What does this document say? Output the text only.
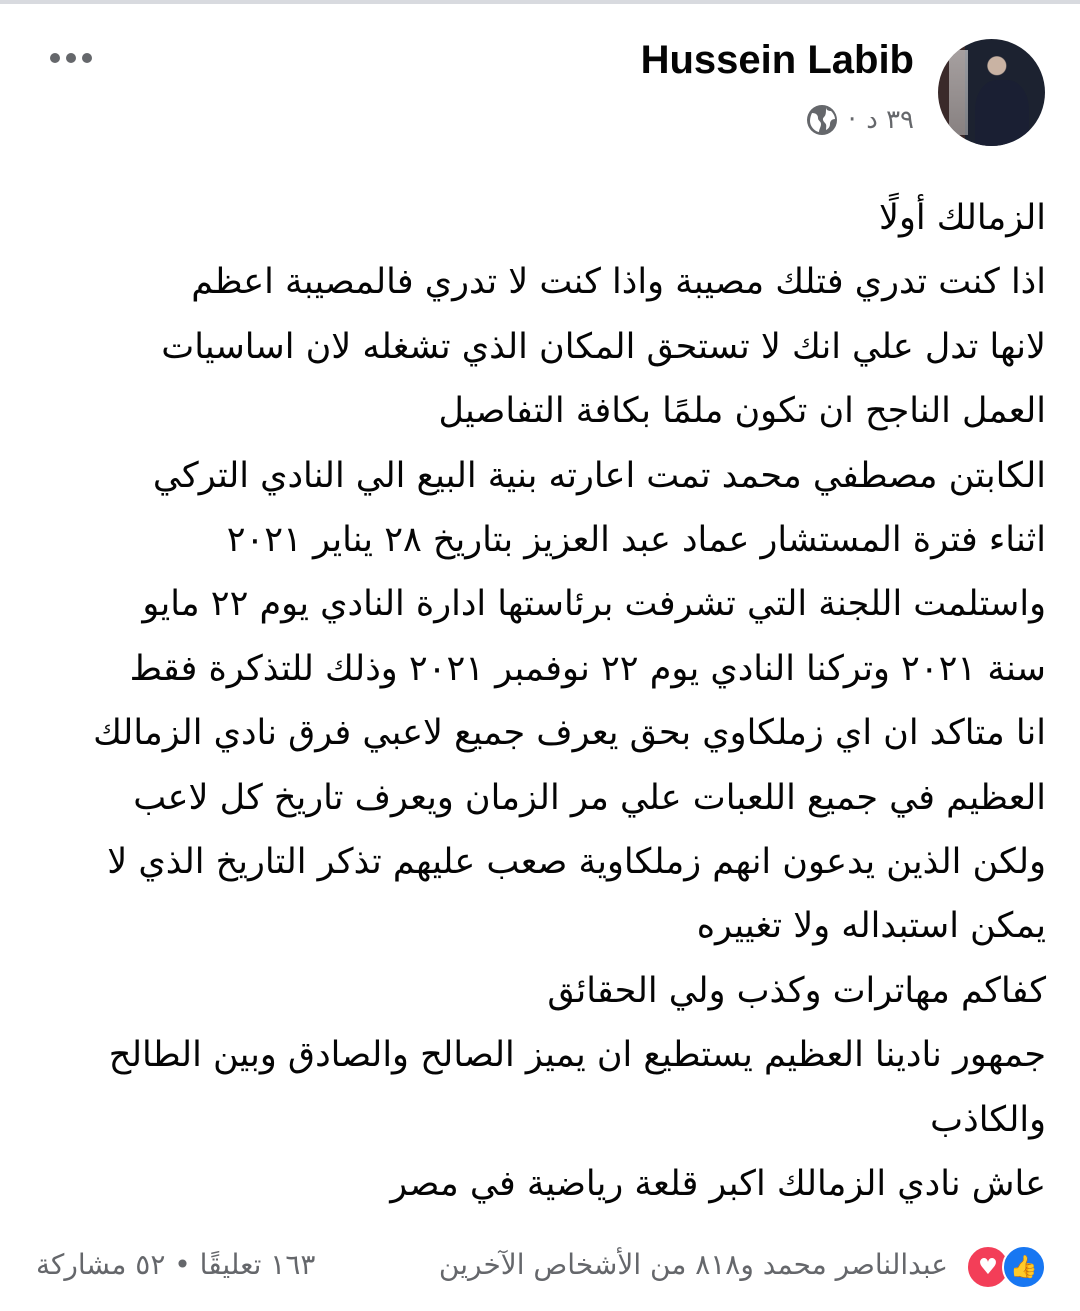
Hussein Labib
٣٩ د
·
الزمالك أولًا
اذا كنت تدري فتلك مصيبة واذا كنت لا تدري فالمصيبة اعظم
لانها تدل علي انك لا تستحق المكان الذي تشغله لان اساسيات
العمل الناجح ان تكون ملمًا بكافة التفاصيل
الكابتن مصطفي محمد تمت اعارته بنية البيع الي النادي التركي
اثناء فترة المستشار عماد عبد العزيز بتاريخ ٢٨ يناير ٢٠٢١
واستلمت اللجنة التي تشرفت برئاستها ادارة النادي يوم ٢٢ مايو
سنة ٢٠٢١ وتركنا النادي يوم ٢٢ نوفمبر ٢٠٢١ وذلك للتذكرة فقط
انا متاكد ان اي زملكاوي بحق يعرف جميع لاعبي فرق نادي الزمالك
العظيم في جميع اللعبات علي مر الزمان ويعرف تاريخ كل لاعب
ولكن الذين يدعون انهم زملكاوية صعب عليهم تذكر التاريخ الذي لا
يمكن استبداله ولا تغييره
كفاكم مهاترات وكذب ولي الحقائق
جمهور نادينا العظيم يستطيع ان يميز الصالح والصادق وبين الطالح
والكاذب
عاش نادي الزمالك اكبر قلعة رياضية في مصر
👍
♥
عبدالناصر محمد و٨١٨ من الأشخاص الآخرين
١٦٣ تعليقًا • ٥٢ مشاركة
